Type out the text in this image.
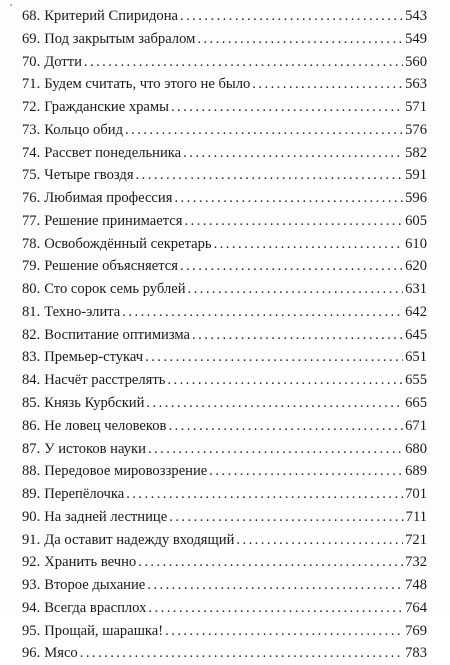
68. Критерий Спиридона . . .	543
69. Под закрытым забралом . . .	549
70. Дотти . . .	560
71. Будем считать, что этого не было . . .	563
72. Гражданские храмы . . .	571
73. Кольцо обид . . .	576
74. Рассвет понедельника . . .	582
75. Четыре гвоздя . . .	591
76. Любимая профессия . . .	596
77. Решение принимается . . .	605
78. Освобождённый секретарь . . .	610
79. Решение объясняется . . .	620
80. Сто сорок семь рублей . . .	631
81. Техно-элита . . .	642
82. Воспитание оптимизма . . .	645
83. Премьер-стукач . . .	651
84. Насчёт расстрелять . . .	655
85. Князь Курбский . . .	665
86. Не ловец человеков . . .	671
87. У истоков науки . . .	680
88. Передовое мировоззрение . . .	689
89. Перепёлочка . . .	701
90. На задней лестнице . . .	711
91. Да оставит надежду входящий . . .	721
92. Хранить вечно . . .	732
93. Второе дыхание . . .	748
94. Всегда врасплох . . .	764
95. Прощай, шарашка! . . .	769
96. Мясо . . .	783
